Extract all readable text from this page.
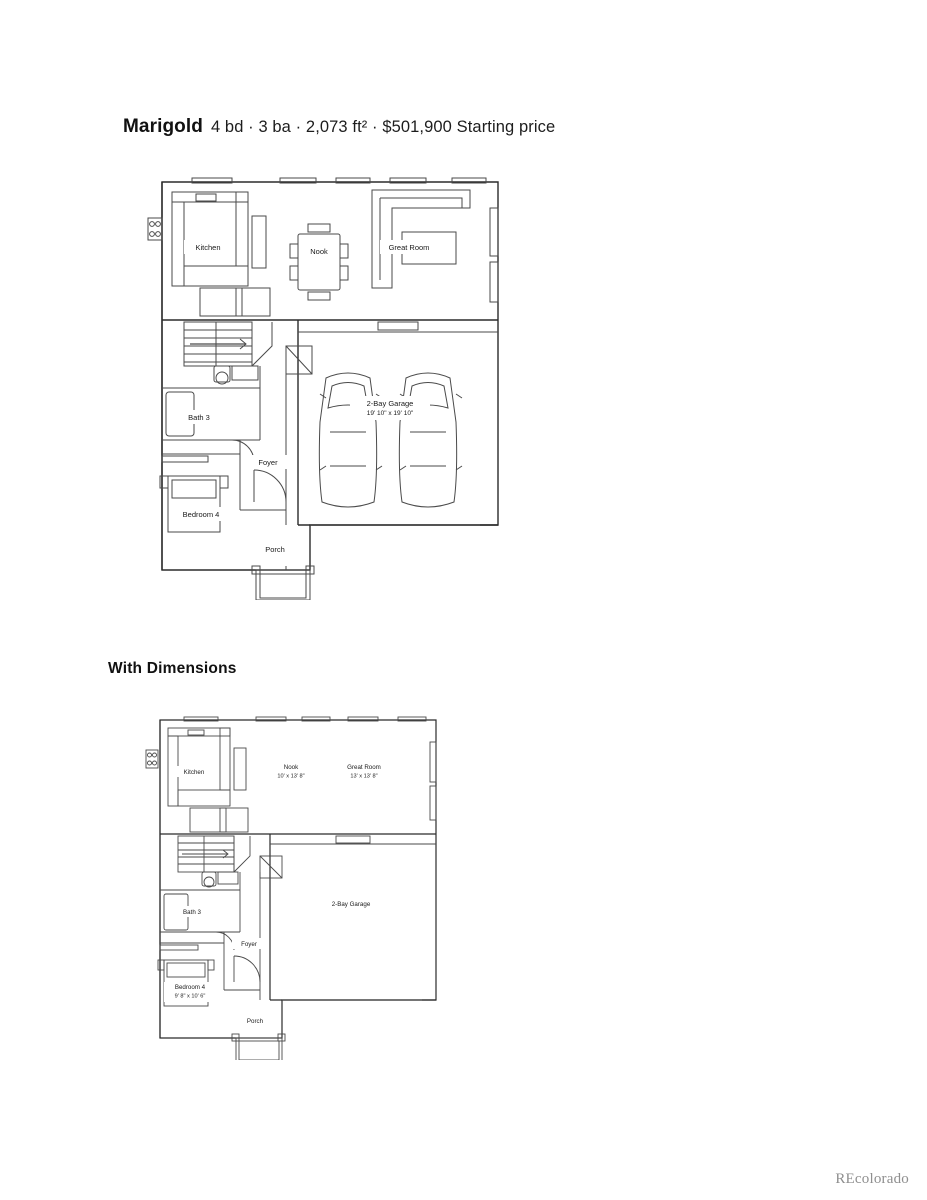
Marigold 4 bd · 3 ba · 2,073 ft² · $501,900 Starting price
Kitchen	Nook	Great Room
2-Bay Garage
19' 10" x 19' 10"
Bath 3
Foyer
Bedroom 4
Porch
With Dimensions
Kitchen
Nook
10' x 13' 8"
Great Room
13' x 13' 8"
2-Bay Garage
Bath 3
Foyer
Bedroom 4
9' 8" x 10' 6"
Porch
REcolorado
